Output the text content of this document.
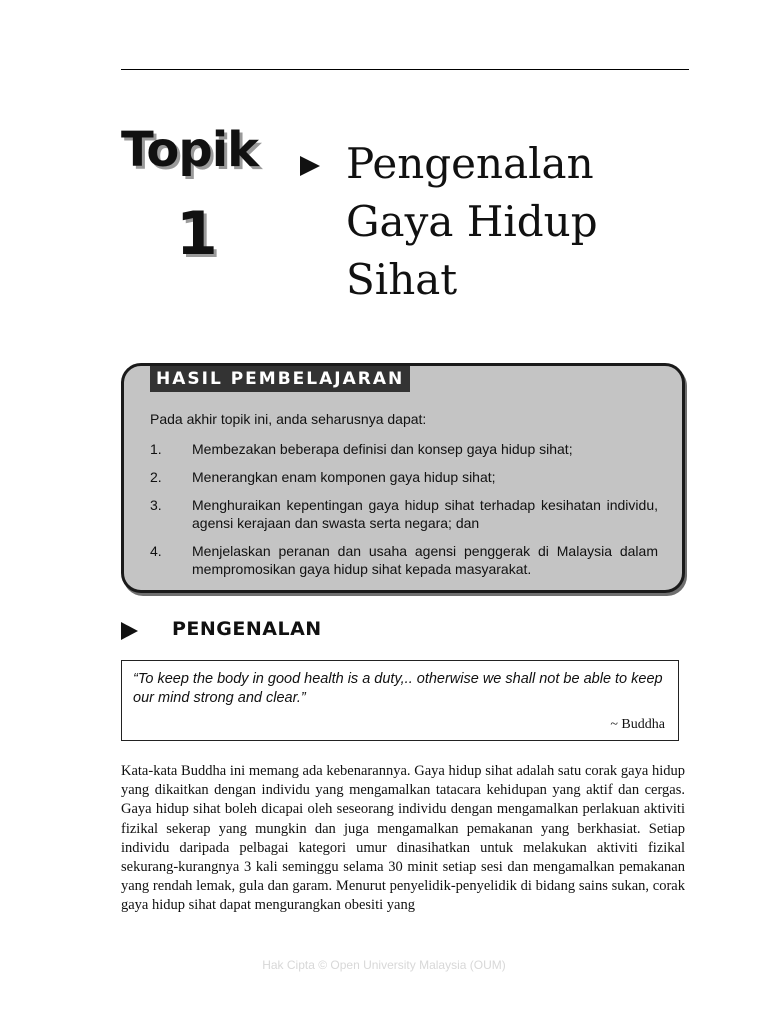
Topik
1
Pengenalan
Gaya Hidup
Sihat
HASIL PEMBELAJARAN
Pada akhir topik ini, anda seharusnya dapat:
1.	Membezakan beberapa definisi dan konsep gaya hidup sihat;
2.	Menerangkan enam komponen gaya hidup sihat;
3.	Menghuraikan kepentingan gaya hidup sihat terhadap kesihatan individu, agensi kerajaan dan swasta serta negara; dan
4.	Menjelaskan peranan dan usaha agensi penggerak di Malaysia dalam mempromosikan gaya hidup sihat kepada masyarakat.
PENGENALAN
“To keep the body in good health is a duty,.. otherwise we shall not be able to keep our mind strong and clear.”
~ Buddha

Kata-kata Buddha ini memang ada kebenarannya. Gaya hidup sihat adalah satu corak gaya hidup yang dikaitkan dengan individu yang mengamalkan tatacara kehidupan yang aktif dan cergas. Gaya hidup sihat boleh dicapai oleh seseorang individu dengan mengamalkan perlakuan aktiviti fizikal sekerap yang mungkin dan juga mengamalkan pemakanan yang berkhasiat. Setiap individu daripada pelbagai kategori umur dinasihatkan untuk melakukan aktiviti fizikal sekurang-kurangnya 3 kali seminggu selama 30 minit setiap sesi dan mengamalkan pemakanan yang rendah lemak, gula dan garam. Menurut penyelidik-penyelidik di bidang sains sukan, corak gaya hidup sihat dapat mengurangkan obesiti yang

Hak Cipta © Open University Malaysia (OUM)
